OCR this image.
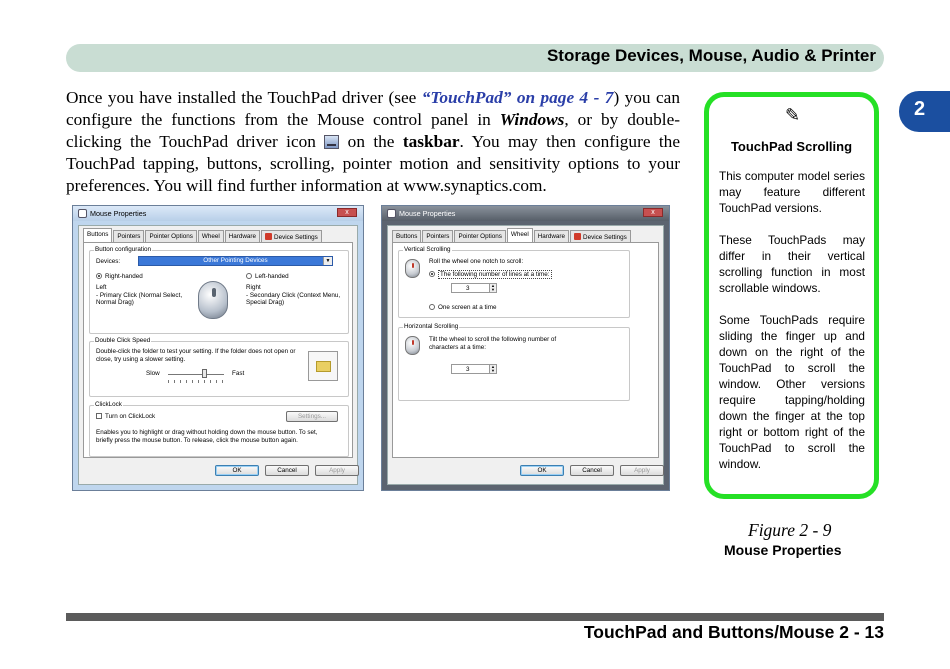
Storage Devices, Mouse, Audio & Printer
2

Once you have installed the TouchPad driver (see “TouchPad” on page 4 - 7) you can configure the functions from the Mouse control panel in Windows, or by double-clicking the TouchPad driver icon  on the taskbar. You may then configure the TouchPad tapping, buttons, scrolling, pointer motion and sensitivity options to your preferences. You will find further information at www.synaptics.com.

Mouse Properties	x
Buttons	Pointers	Pointer Options	Wheel	Hardware	Device Settings
Button configuration
Devices:	Other Pointing Devices	▼
Right-handed	Left-handed
Left
- Primary Click (Normal Select, Normal Drag)
Right
- Secondary Click (Context Menu, Special Drag)
Double Click Speed
Double-click the folder to test your setting. If the folder does not open or close, try using a slower setting.
Slow	Fast
ClickLock
Turn on ClickLock	Settings...
Enables you to highlight or drag without holding down the mouse button. To set, briefly press the mouse button. To release, click the mouse button again.
OK	Cancel	Apply
Mouse Properties	x
Buttons	Pointers	Pointer Options	Wheel	Hardware	Device Settings
Vertical Scrolling
Roll the wheel one notch to scroll:
The following number of lines at a time:
3	▲
▼
One screen at a time
Horizontal Scrolling
Tilt the wheel to scroll the following number of characters at a time:
3	▲
▼
OK	Cancel	Apply
✎
TouchPad Scrolling

This computer model series may feature different TouchPad versions.

These TouchPads may differ in their vertical scrolling function in most scrollable windows.

Some TouchPads require sliding the finger up and down on the right of the TouchPad to scroll the window. Other versions require tapping/holding down the finger at the top right or bottom right of the TouchPad to scroll the window.

Figure 2 - 9
Mouse Properties
TouchPad and Buttons/Mouse 2 - 13
